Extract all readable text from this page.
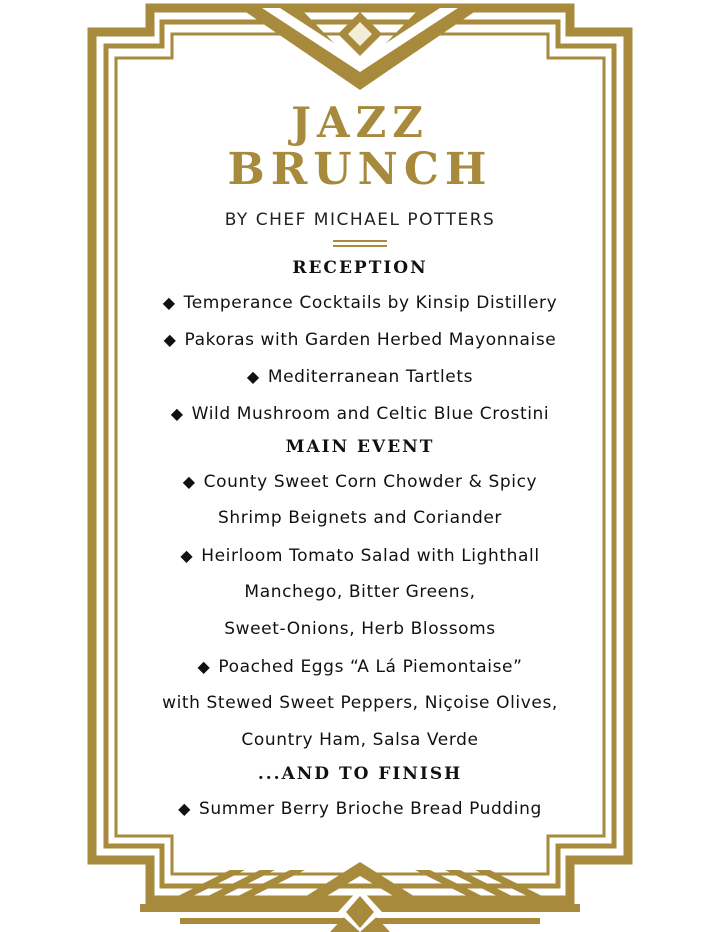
JAZZ
BRUNCH
BY CHEF MICHAEL POTTERS
RECEPTION
◆ Temperance Cocktails by Kinsip Distillery
◆ Pakoras with Garden Herbed Mayonnaise
◆ Mediterranean Tartlets
◆ Wild Mushroom and Celtic Blue Crostini
MAIN EVENT
◆ County Sweet Corn Chowder & Spicy
Shrimp Beignets and Coriander
◆ Heirloom Tomato Salad with Lighthall
Manchego, Bitter Greens,
Sweet-Onions, Herb Blossoms
◆ Poached Eggs “A Lá Piemontaise”
with Stewed Sweet Peppers, Niçoise Olives,
Country Ham, Salsa Verde
...AND TO FINISH
◆ Summer Berry Brioche Bread Pudding
